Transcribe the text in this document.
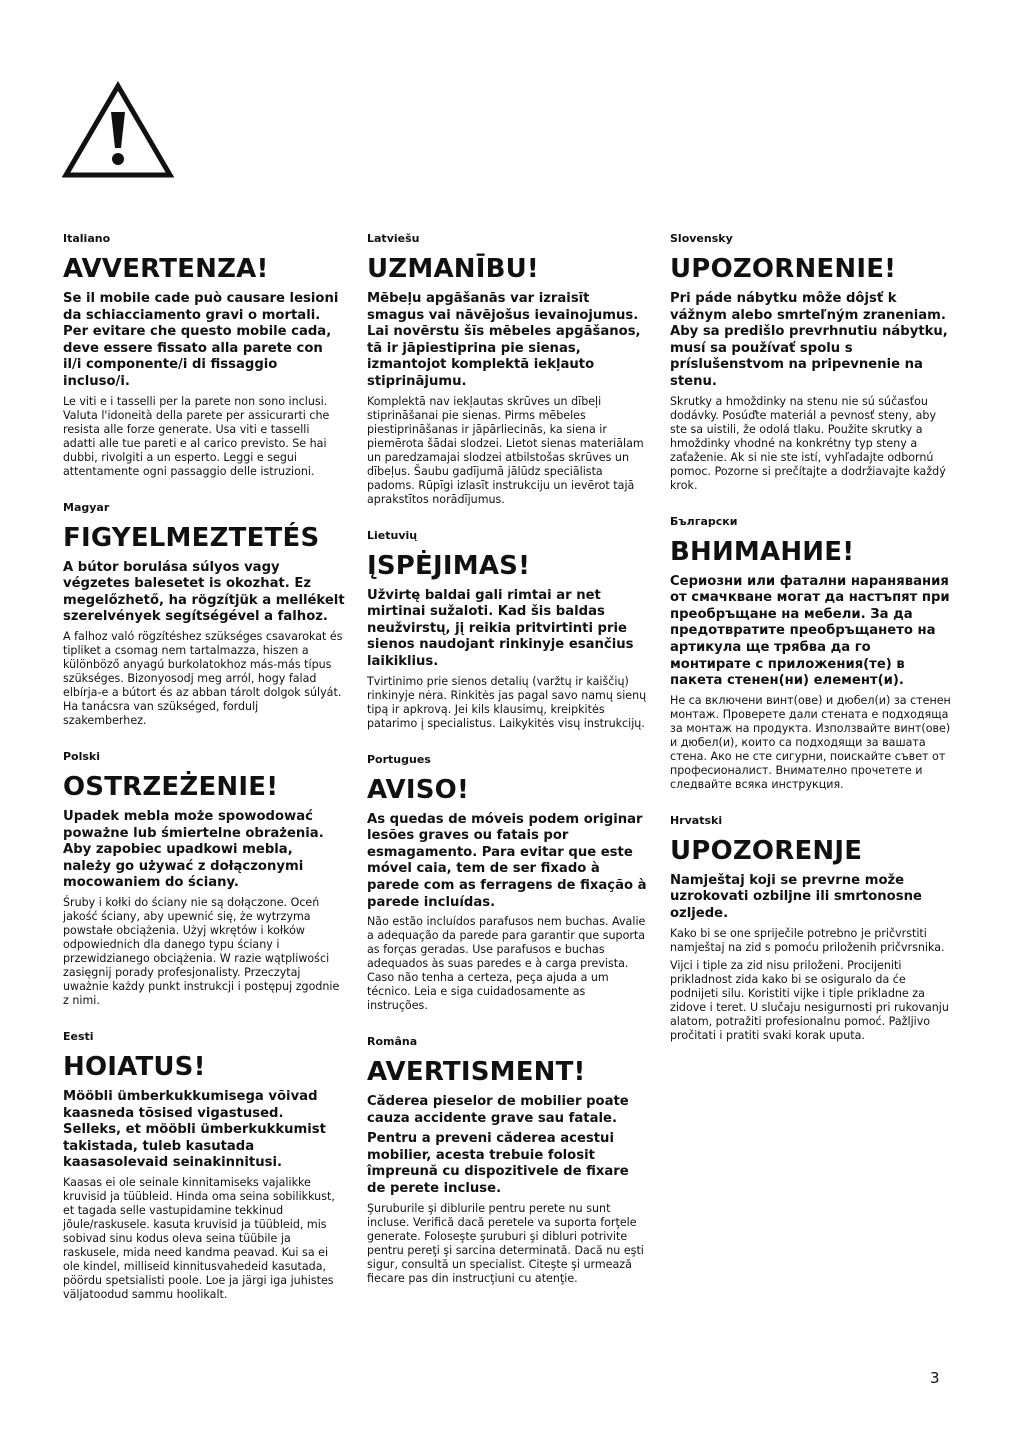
Italiano
AVVERTENZA!
Se il mobile cade può causare lesioni da schiacciamento gravi o mortali. Per evitare che questo mobile cada, deve essere fissato alla parete con il/i componente/i di fissaggio incluso/i.
Le viti e i tasselli per la parete non sono inclusi. Valuta l'idoneità della parete per assicurarti che resista alle forze generate. Usa viti e tasselli adatti alle tue pareti e al carico previsto. Se hai dubbi, rivolgiti a un esperto. Leggi e segui attentamente ogni passaggio delle istruzioni.
Magyar
FIGYELMEZTETÉS
A bútor borulása súlyos vagy végzetes balesetet is okozhat. Ez megelőzhető, ha rögzítjük a mellékelt szerelvények segítségével a falhoz.
A falhoz való rögzítéshez szükséges csavarokat és tipliket a csomag nem tartalmazza, hiszen a különböző anyagú burkolatokhoz más-más típus szükséges. Bizonyosodj meg arról, hogy falad elbírja-e a bútort és az abban tárolt dolgok súlyát. Ha tanácsra van szükséged, fordulj szakemberhez.
Polski
OSTRZEŻENIE!
Upadek mebla może spowodować poważne lub śmiertelne obrażenia. Aby zapobiec upadkowi mebla, należy go używać z dołączonymi mocowaniem do ściany.
Śruby i kołki do ściany nie są dołączone. Oceń jakość ściany, aby upewnić się, że wytrzyma powstałe obciążenia. Użyj wkrętów i kołków odpowiednich dla danego typu ściany i przewidzianego obciążenia. W razie wątpliwości zasięgnij porady profesjonalisty. Przeczytaj uważnie każdy punkt instrukcji i postępuj zgodnie z nimi.
Eesti
HOIATUS!
Mööbli ümberkukkumisega võivad kaasneda tõsised vigastused. Selleks, et mööbli ümberkukkumist takistada, tuleb kasutada kaasasolevaid seinakinnitusi.
Kaasas ei ole seinale kinnitamiseks vajalikke kruvisid ja tüübleid. Hinda oma seina sobilikkust, et tagada selle vastupidamine tekkinud jõule/raskusele. kasuta kruvisid ja tüübleid, mis sobivad sinu kodus oleva seina tüübile ja raskusele, mida need kandma peavad. Kui sa ei ole kindel, milliseid kinnitusvahedeid kasutada, pöördu spetsialisti poole. Loe ja järgi iga juhistes väljatoodud sammu hoolikalt.
Latviešu
UZMANĪBU!
Mēbeļu apgāšanās var izraisīt smagus vai nāvējošus ievainojumus. Lai novērstu šīs mēbeles apgāšanos, tā ir jāpiestiprina pie sienas, izmantojot komplektā iekļauto stiprinājumu.
Komplektā nav iekļautas skrūves un dībeļi stiprināšanai pie sienas. Pirms mēbeles piestiprināšanas ir jāpārliecinās, ka siena ir piemērota šādai slodzei. Lietot sienas materiālam un paredzamajai slodzei atbilstošas skrūves un dībeļus. Šaubu gadījumā jālūdz speciālista padoms. Rūpīgi izlasīt instrukciju un ievērot tajā aprakstītos norādījumus.
Lietuvių
ĮSPĖJIMAS!
Užvirtę baldai gali rimtai ar net mirtinai sužaloti. Kad šis baldas neužvirstų, jį reikia pritvirtinti prie sienos naudojant rinkinyje esančius laikiklius.
Tvirtinimo prie sienos detalių (varžtų ir kaiščių) rinkinyje nėra. Rinkitės jas pagal savo namų sienų tipą ir apkrovą. Jei kils klausimų, kreipkitės patarimo į specialistus. Laikykitės visų instrukcijų.
Portugues
AVISO!
As quedas de móveis podem originar lesões graves ou fatais por esmagamento. Para evitar que este móvel caia, tem de ser fixado à parede com as ferragens de fixação à parede incluídas.
Não estão incluídos parafusos nem buchas. Avalie a adequação da parede para garantir que suporta as forças geradas. Use parafusos e buchas adequados às suas paredes e à carga prevista. Caso não tenha a certeza, peça ajuda a um técnico. Leia e siga cuidadosamente as instruções.
Româna
AVERTISMENT!
Căderea pieselor de mobilier poate cauza accidente grave sau fatale.
Pentru a preveni căderea acestui mobilier, acesta trebuie folosit împreună cu dispozitivele de fixare de perete incluse.
Şuruburile şi diblurile pentru perete nu sunt incluse. Verifică dacă peretele va suporta forţele generate. Foloseşte şuruburi şi dibluri potrivite pentru pereţi şi sarcina determinată. Dacă nu eşti sigur, consultă un specialist. Citeşte şi urmează fiecare pas din instrucţiuni cu atenţie.
Slovensky
UPOZORNENIE!
Pri páde nábytku môže dôjsť k vážnym alebo smrteľným zraneniam. Aby sa predišlo prevrhnutiu nábytku, musí sa používať spolu s príslušenstvom na pripevnenie na stenu.
Skrutky a hmoždinky na stenu nie sú súčasťou dodávky. Posúďte materiál a pevnosť steny, aby ste sa uistili, že odolá tlaku. Použite skrutky a hmoždinky vhodné na konkrétny typ steny a zaťaženie. Ak si nie ste istí, vyhľadajte odbornú pomoc. Pozorne si prečítajte a dodržiavajte každý krok.
Български
ВНИМАНИЕ!
Сериозни или фатални наранявания от смачкване могат да настъпят при преобръщане на мебели. За да предотвратите преобръщането на артикула ще трябва да го монтирате с приложения(те) в пакета стенен(ни) елемент(и).
Не са включени винт(ове) и дюбел(и) за стенен монтаж. Проверете дали стената е подходяща за монтаж на продукта. Използвайте винт(ове) и дюбел(и), които са подходящи за вашата стена. Ако не сте сигурни, поискайте съвет от професионалист. Внимателно прочетете и следвайте всяка инструкция.
Hrvatski
UPOZORENJE
Namještaj koji se prevrne može uzrokovati ozbiljne ili smrtonosne ozljede.
Kako bi se one spriječile potrebno je pričvrstiti namještaj na zid s pomoću priloženih pričvrsnika.
Vijci i tiple za zid nisu priloženi. Procijeniti prikladnost zida kako bi se osiguralo da će podnijeti silu. Koristiti vijke i tiple prikladne za zidove i teret. U slučaju nesigurnosti pri rukovanju alatom, potražiti profesionalnu pomoć. Pažljivo pročitati i pratiti svaki korak uputa.
3
